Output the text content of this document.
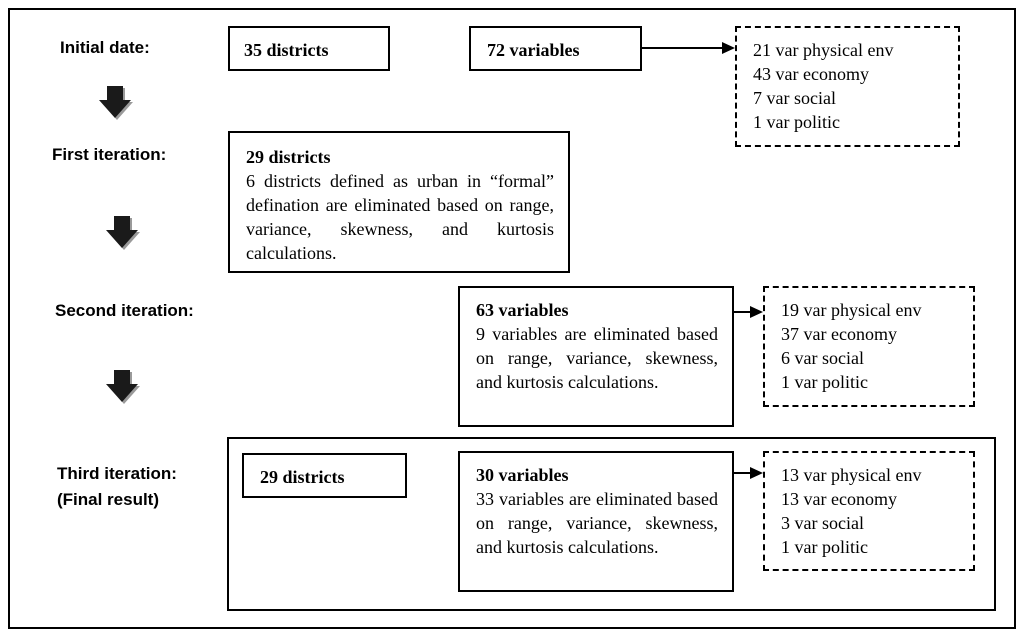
Initial date:
First iteration:
Second iteration:
Third iteration:
(Final result)
35 districts	72 variables	21 var physical env
43 var economy
7 var social
1 var politic
29 districts
6 districts defined as urban in “formal” defination are eliminated based on range, variance, skewness, and kurtosis calculations.
63 variables
9 variables are eliminated based on range, variance, skewness, and kurtosis calculations.
19 var physical env
37 var economy
6 var social
1 var politic
29 districts	30 variables
33 variables are eliminated based on range, variance, skewness, and kurtosis calculations.
13 var physical env
13 var economy
3 var social
1 var politic
